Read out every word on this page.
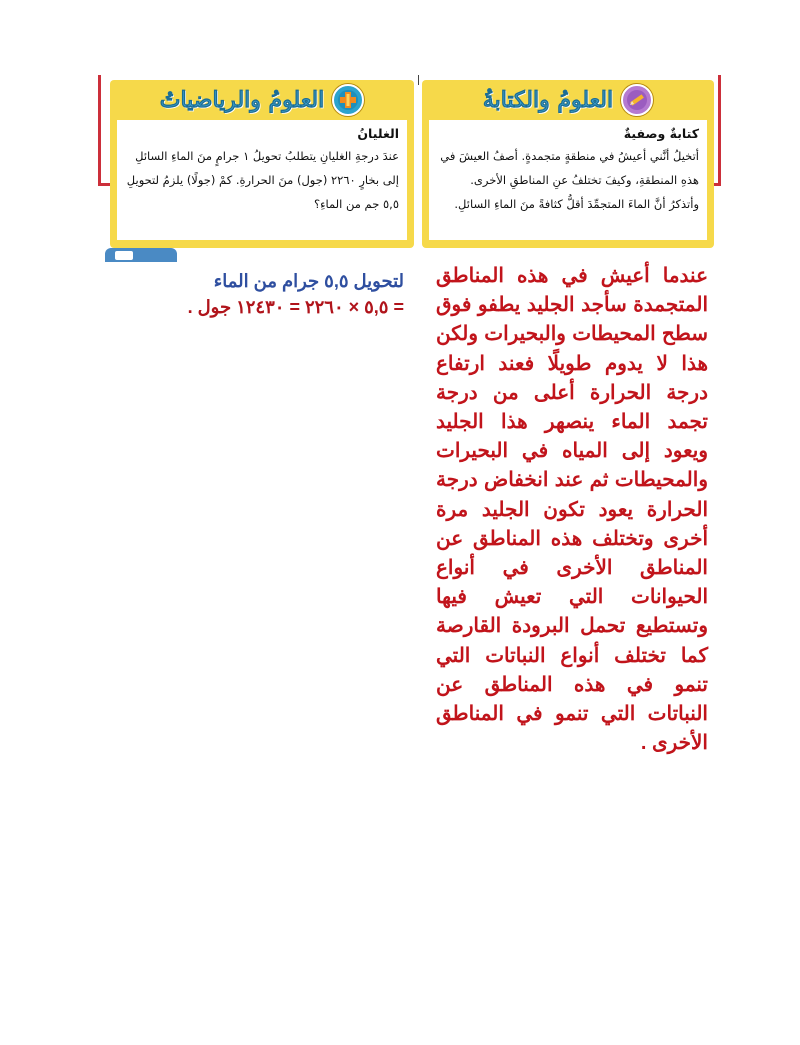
العلومُ والرياضياتُ
الغليانُ
عندَ درجةِ الغليانِ يتطلبُ تحويلُ ١ جرامٍ منَ الماءِ السائلِ إلى بخارٍ ٢٢٦٠ (جول) منَ الحرارةِ. كمْ (جولًا) يلزمُ لتحويلِ ٥,٥ جم من الماءِ؟
العلومُ والكتابةُ
كتابةٌ وصفيةٌ
أتخيلُ أنَّني أعيشُ في منطقةٍ متجمدةٍ. أصفُ العيشَ في هذهِ المنطقةِ، وكيفَ تختلفُ عنِ المناطقِ الأخرى. وأتذكرُ أنَّ الماءَ المتجمِّدَ أقلُّ كثافةً منَ الماءِ السائلِ.
لتحويل ٥,٥ جرام من الماء
= ٥,٥ × ٢٢٦٠ = ١٢٤٣٠ جول .
عندما أعيش في هذه المناطق المتجمدة سأجد الجليد يطفو فوق سطح المحيطات والبحيرات ولكن هذا لا يدوم طويلًا فعند ارتفاع درجة الحرارة أعلى من درجة تجمد الماء ينصهر هذا الجليد ويعود إلى المياه في البحيرات والمحيطات ثم عند انخفاض درجة الحرارة يعود تكون الجليد مرة أخرى وتختلف هذه المناطق عن المناطق الأخرى في أنواع الحيوانات التي تعيش فيها وتستطيع تحمل البرودة القارصة كما تختلف أنواع النباتات التي تنمو في هذه المناطق عن النباتات التي تنمو في المناطق الأخرى .
